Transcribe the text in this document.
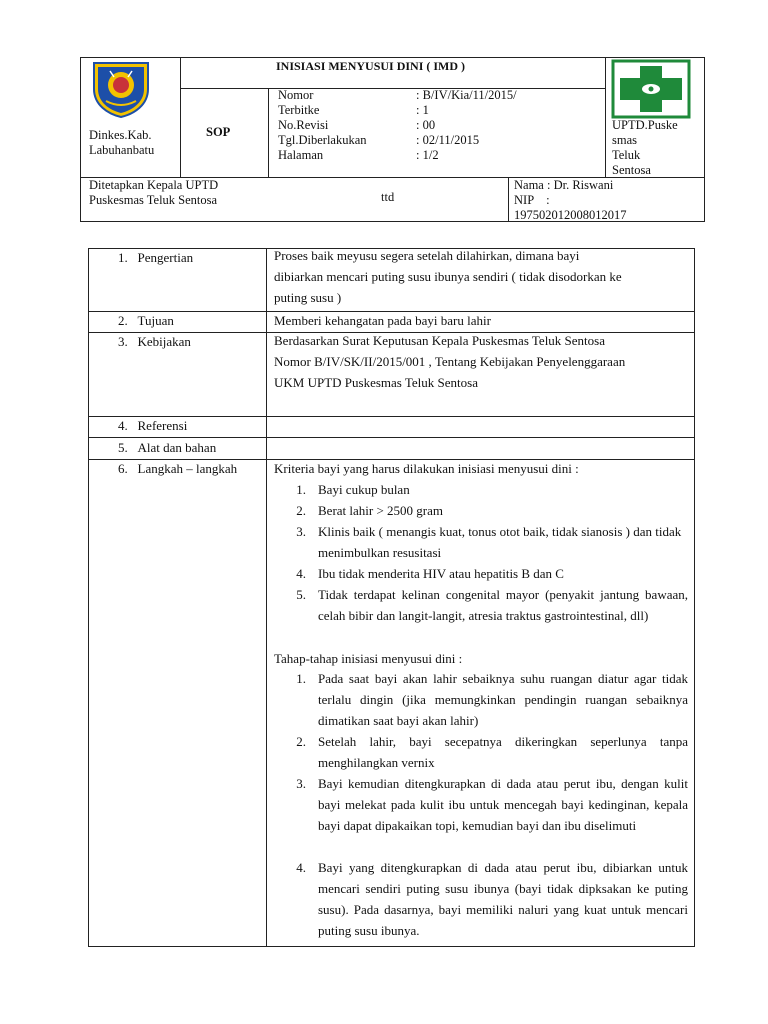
Dinkes.Kab.
Labuhanbatu
INISIASI MENYUSUI DINI ( IMD )
SOP
Nomor
Terbitke
No.Revisi
Tgl.Diberlakukan
Halaman
: B/IV/Kia/11/2015/
: 1
: 00
: 02/11/2015
: 1/2
UPTD.Puske
smas
Teluk
Sentosa
Ditetapkan Kepala UPTD
Puskesmas Teluk Sentosa	ttd
Nama : Dr. Riswani
NIP    :
197502012008012017
1. Pengertian
2. Tujuan
3. Kebijakan
4. Referensi
5. Alat dan bahan
6. Langkah – langkah
Proses baik meyusu segera setelah dilahirkan, dimana bayi
dibiarkan mencari puting susu ibunya sendiri ( tidak disodorkan ke
puting susu )
Memberi kehangatan pada bayi baru lahir
Berdasarkan Surat Keputusan Kepala Puskesmas Teluk Sentosa
Nomor B/IV/SK/II/2015/001 , Tentang Kebijakan Penyelenggaraan
UKM UPTD Puskesmas Teluk Sentosa
Kriteria bayi yang harus dilakukan inisiasi menyusui dini :
1. Bayi cukup bulan
2. Berat lahir > 2500 gram
3. Klinis baik ( menangis kuat, tonus otot baik, tidak sianosis ) dan tidak menimbulkan resusitasi
4. Ibu tidak menderita HIV atau hepatitis B dan C
5. Tidak terdapat kelinan congenital mayor (penyakit jantung bawaan, celah bibir dan langit-langit, atresia traktus gastrointestinal, dll)
Tahap-tahap inisiasi menyusui dini :
1. Pada saat bayi akan lahir sebaiknya suhu ruangan diatur agar tidak terlalu dingin (jika memungkinkan pendingin ruangan sebaiknya dimatikan saat bayi akan lahir)
2. Setelah lahir, bayi secepatnya dikeringkan seperlunya tanpa menghilangkan vernix
3. Bayi kemudian ditengkurapkan di dada atau perut ibu, dengan kulit bayi melekat pada kulit ibu untuk mencegah bayi kedinginan, kepala bayi dapat dipakaikan topi, kemudian bayi dan ibu diselimuti
4. Bayi yang ditengkurapkan di dada atau perut ibu, dibiarkan untuk mencari sendiri puting susu ibunya (bayi tidak dipksakan ke puting susu). Pada dasarnya, bayi memiliki naluri yang kuat untuk mencari puting susu ibunya.
